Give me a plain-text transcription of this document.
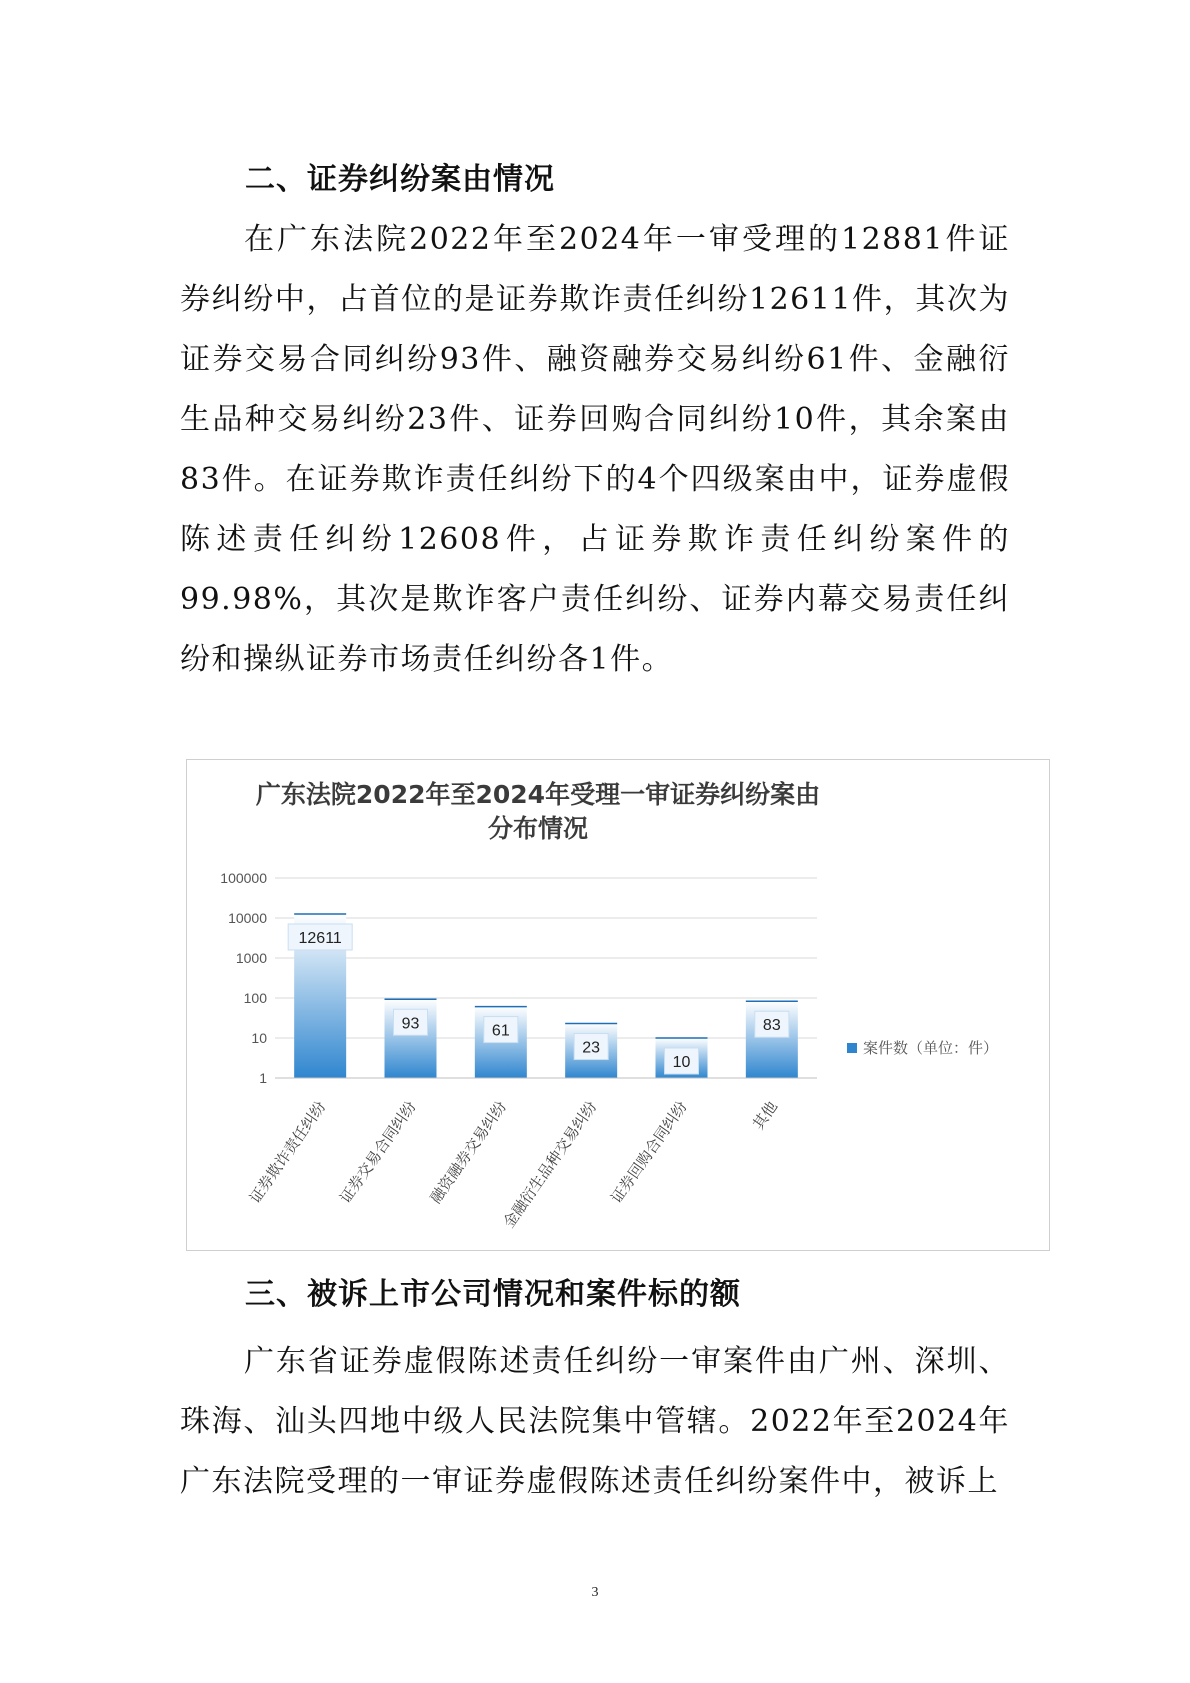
二、证券纠纷案由情况

在广东法院2022年至2024年一审受理的12881件证券纠纷中，占首位的是证券欺诈责任纠纷12611件，其次为证券交易合同纠纷93件、融资融券交易纠纷61件、金融衍生品种交易纠纷23件、证券回购合同纠纷10件，其余案由83件。在证券欺诈责任纠纷下的4个四级案由中，证券虚假陈述责任纠纷12608件，占证券欺诈责任纠纷案件的99.98%，其次是欺诈客户责任纠纷、证券内幕交易责任纠纷和操纵证券市场责任纠纷各1件。

广东法院2022年至2024年受理一审证券纠纷案由分布情况
1
10
100
1000
10000
100000
12611
证券欺诈责任纠纷
93
证券交易合同纠纷
61
融资融券交易纠纷
23
金融衍生品种交易纠纷
10
证券回购合同纠纷
83
其他
案件数（单位：件）
三、被诉上市公司情况和案件标的额

广东省证券虚假陈述责任纠纷一审案件由广州、深圳、珠海、汕头四地中级人民法院集中管辖。2022年至2024年广东法院受理的一审证券虚假陈述责任纠纷案件中，被诉上

3
